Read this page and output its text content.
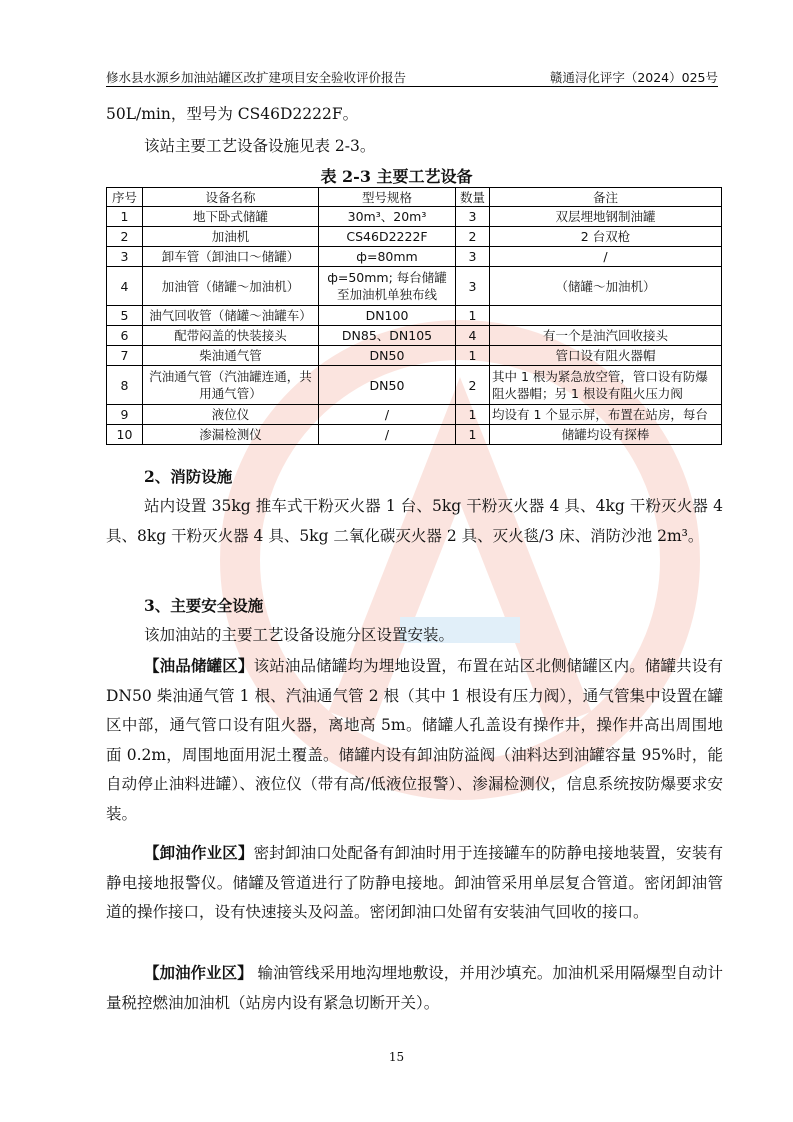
修水县水源乡加油站罐区改扩建项目安全验收评价报告	赣通浔化评字（2024）025号
50L/min，型号为 CS46D2222F。
该站主要工艺设备设施见表 2-3。
表 2-3 主要工艺设备
序号	设备名称	型号规格	数量	备注
1	地下卧式储罐	30m³、20m³	3	双层埋地钢制油罐
2	加油机	CS46D2222F	2	2 台双枪
3	卸车管（卸油口～储罐）	ф=80mm	3	/
4	加油管（储罐～加油机）	ф=50mm; 每台储罐至加油机单独布线	3	（储罐～加油机）
5	油气回收管（储罐～油罐车）	DN100	1	
6	配带闷盖的快装接头	DN85、DN105	4	有一个是油汽回收接头
7	柴油通气管	DN50	1	管口设有阻火器帽
8	汽油通气管（汽油罐连通，共用通气管）	DN50	2	其中 1 根为紧急放空管，管口设有防爆阻火器帽；另 1 根设有阻火压力阀
9	液位仪	/	1	均设有 1 个显示屏，布置在站房，每台
10	渗漏检测仪	/	1	储罐均设有探棒
2、消防设施
站内设置 35kg 推车式干粉灭火器 1 台、5kg 干粉灭火器 4 具、4kg 干粉灭火器 4 具、8kg 干粉灭火器 4 具、5kg 二氧化碳灭火器 2 具、灭火毯/3 床、消防沙池 2m³。
3、主要安全设施
该加油站的主要工艺设备设施分区设置安装。
【油品储罐区】该站油品储罐均为埋地设置，布置在站区北侧储罐区内。储罐共设有 DN50 柴油通气管 1 根、汽油通气管 2 根（其中 1 根设有压力阀），通气管集中设置在罐区中部，通气管口设有阻火器，离地高 5m。储罐人孔盖设有操作井，操作井高出周围地面 0.2m，周围地面用泥土覆盖。储罐内设有卸油防溢阀（油料达到油罐容量 95%时，能自动停止油料进罐）、液位仪（带有高/低液位报警）、渗漏检测仪，信息系统按防爆要求安装。
【卸油作业区】密封卸油口处配备有卸油时用于连接罐车的防静电接地装置，安装有静电接地报警仪。储罐及管道进行了防静电接地。卸油管采用单层复合管道。密闭卸油管道的操作接口，设有快速接头及闷盖。密闭卸油口处留有安装油气回收的接口。
【加油作业区】 输油管线采用地沟埋地敷设，并用沙填充。加油机采用隔爆型自动计量税控燃油加油机（站房内设有紧急切断开关）。
15
